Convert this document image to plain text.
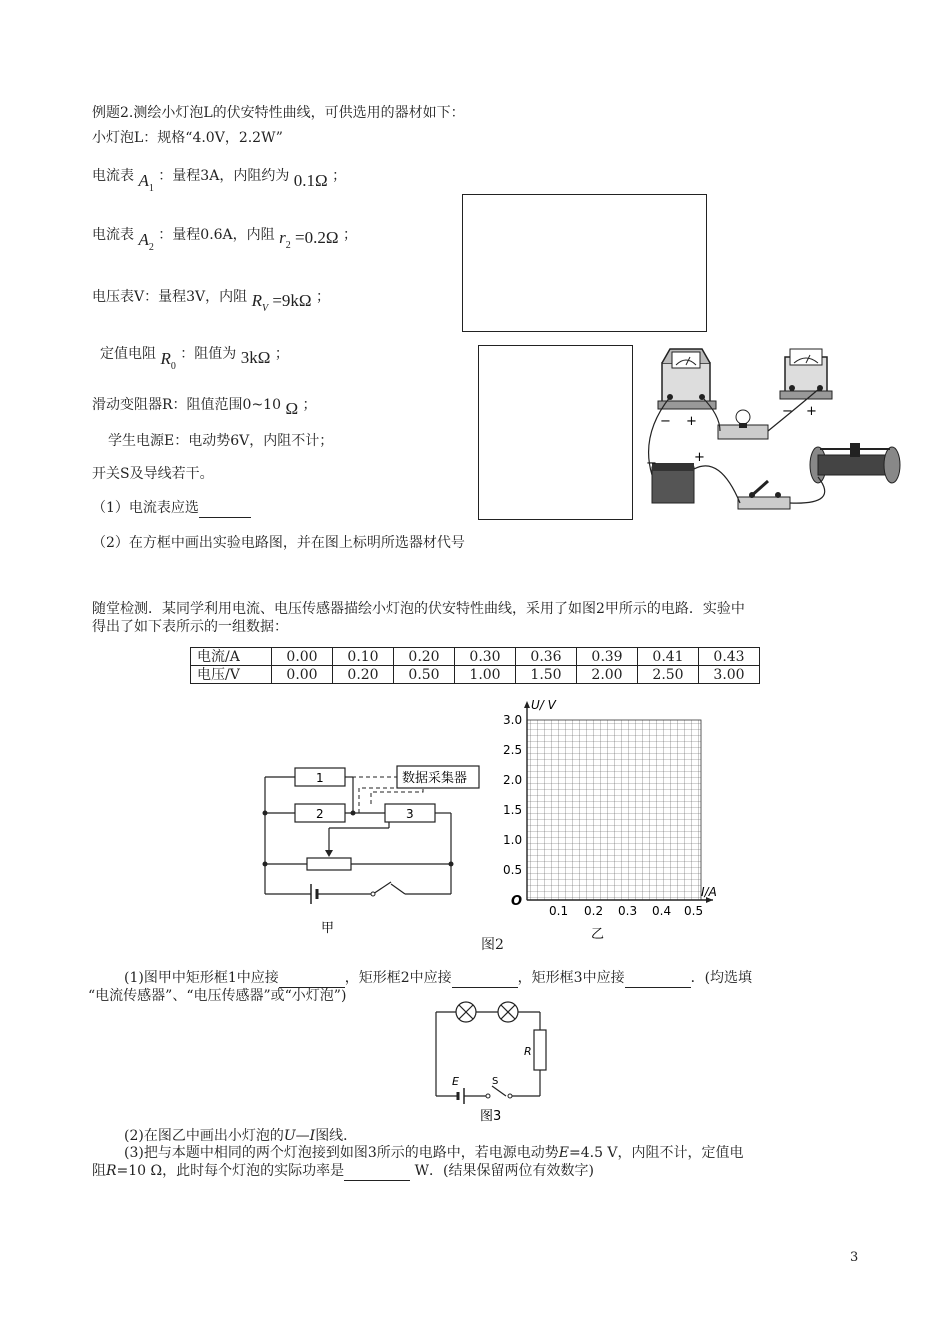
例题2.测绘小灯泡L的伏安特性曲线，可供选用的器材如下：
小灯泡L：规格“4.0V，2.2W”
电流表 $A_1$ ：量程3A，内阻约为 0.1Ω ；
电流表 $A_2$ ：量程0.6A，内阻 $r_2 =0.2\Omega$ ；
电压表V：量程3V，内阻 $R_V =9k\Omega$ ；
定值电阻 $R_0$ ：阻值为 3kΩ ；
滑动变阻器R：阻值范围0~10 Ω ；
学生电源E：电动势6V，内阻不计；
开关S及导线若干。
（1）电流表应选
（2）在方框中画出实验电路图，并在图上标明所选器材代号
− +
− +
−	+
随堂检测．某同学利用电流、电压传感器描绘小灯泡的伏安特性曲线，采用了如图2甲所示的电路．实验中
得出了如下表所示的一组数据：
电流/A	0.00	0.10	0.20	0.30	0.36	0.39	0.41	0.43
电压/V	0.00	0.20	0.50	1.00	1.50	2.00	2.50	3.00
1
2	3
数据采集器
甲
U/ V
I/A
O
3.0
2.5
2.0
1.5
1.0
0.5
0.1 0.2 0.3 0.4 0.5
乙
图2
(1)图甲中矩形框1中应接	，矩形框2中应接	，矩形框3中应接	．(均选填
“电流传感器”、“电压传感器”或“小灯泡”)
R
E	S
图3
(2)在图乙中画出小灯泡的U—I图线．
(3)把与本题中相同的两个灯泡接到如图3所示的电路中，若电源电动势E=4.5 V，内阻不计，定值电
阻R=10 Ω，此时每个灯泡的实际功率是	W．(结果保留两位有效数字)
3
